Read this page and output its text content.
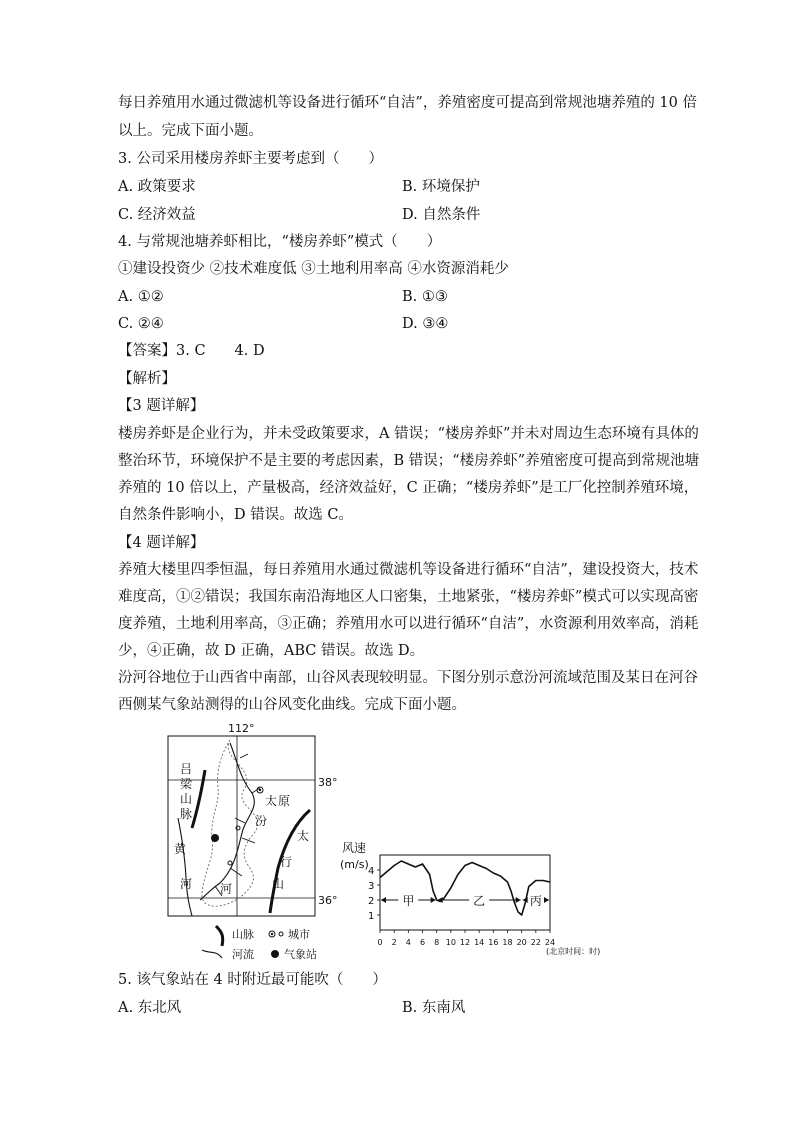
每日养殖用水通过微滤机等设备进行循环“自洁”，养殖密度可提高到常规池塘养殖的 10 倍
以上。完成下面小题。
3. 公司采用楼房养虾主要考虑到（　　）
A. 政策要求	B. 环境保护
C. 经济效益	D. 自然条件
4. 与常规池塘养虾相比，“楼房养虾”模式（　　）
①建设投资少 ②技术难度低 ③土地利用率高 ④水资源消耗少
A. ①②	B. ①③
C. ②④	D. ③④
【答案】3. C　　4. D
【解析】
【3 题详解】
楼房养虾是企业行为，并未受政策要求，A 错误；“楼房养虾”并未对周边生态环境有具体的
整治环节，环境保护不是主要的考虑因素，B 错误；“楼房养虾”养殖密度可提高到常规池塘
养殖的 10 倍以上，产量极高，经济效益好，C 正确；“楼房养虾”是工厂化控制养殖环境，
自然条件影响小，D 错误。故选 C。
【4 题详解】
养殖大楼里四季恒温，每日养殖用水通过微滤机等设备进行循环“自洁”，建设投资大，技术
难度高，①②错误；我国东南沿海地区人口密集，土地紧张，“楼房养虾”模式可以实现高密
度养殖，土地利用率高，③正确；养殖用水可以进行循环“自洁”，水资源利用效率高，消耗
少，④正确，故 D 正确，ABC 错误。故选 D。
汾河谷地位于山西省中南部，山谷风表现较明显。下图分别示意汾河流域范围及某日在河谷
西侧某气象站测得的山谷风变化曲线。完成下面小题。
112°
38°
36°
吕
梁
山
脉
太
行
山
黄
河
汾
河
太 原
山脉	城市
河流	气象站
风速
(m/s)
(北京时间：时)
1
2
3
4
0 2 4 6 8 10 12 14 16 18 20 22 24
甲	乙	丙
5. 该气象站在 4 时附近最可能吹（　　）
A. 东北风	B. 东南风
